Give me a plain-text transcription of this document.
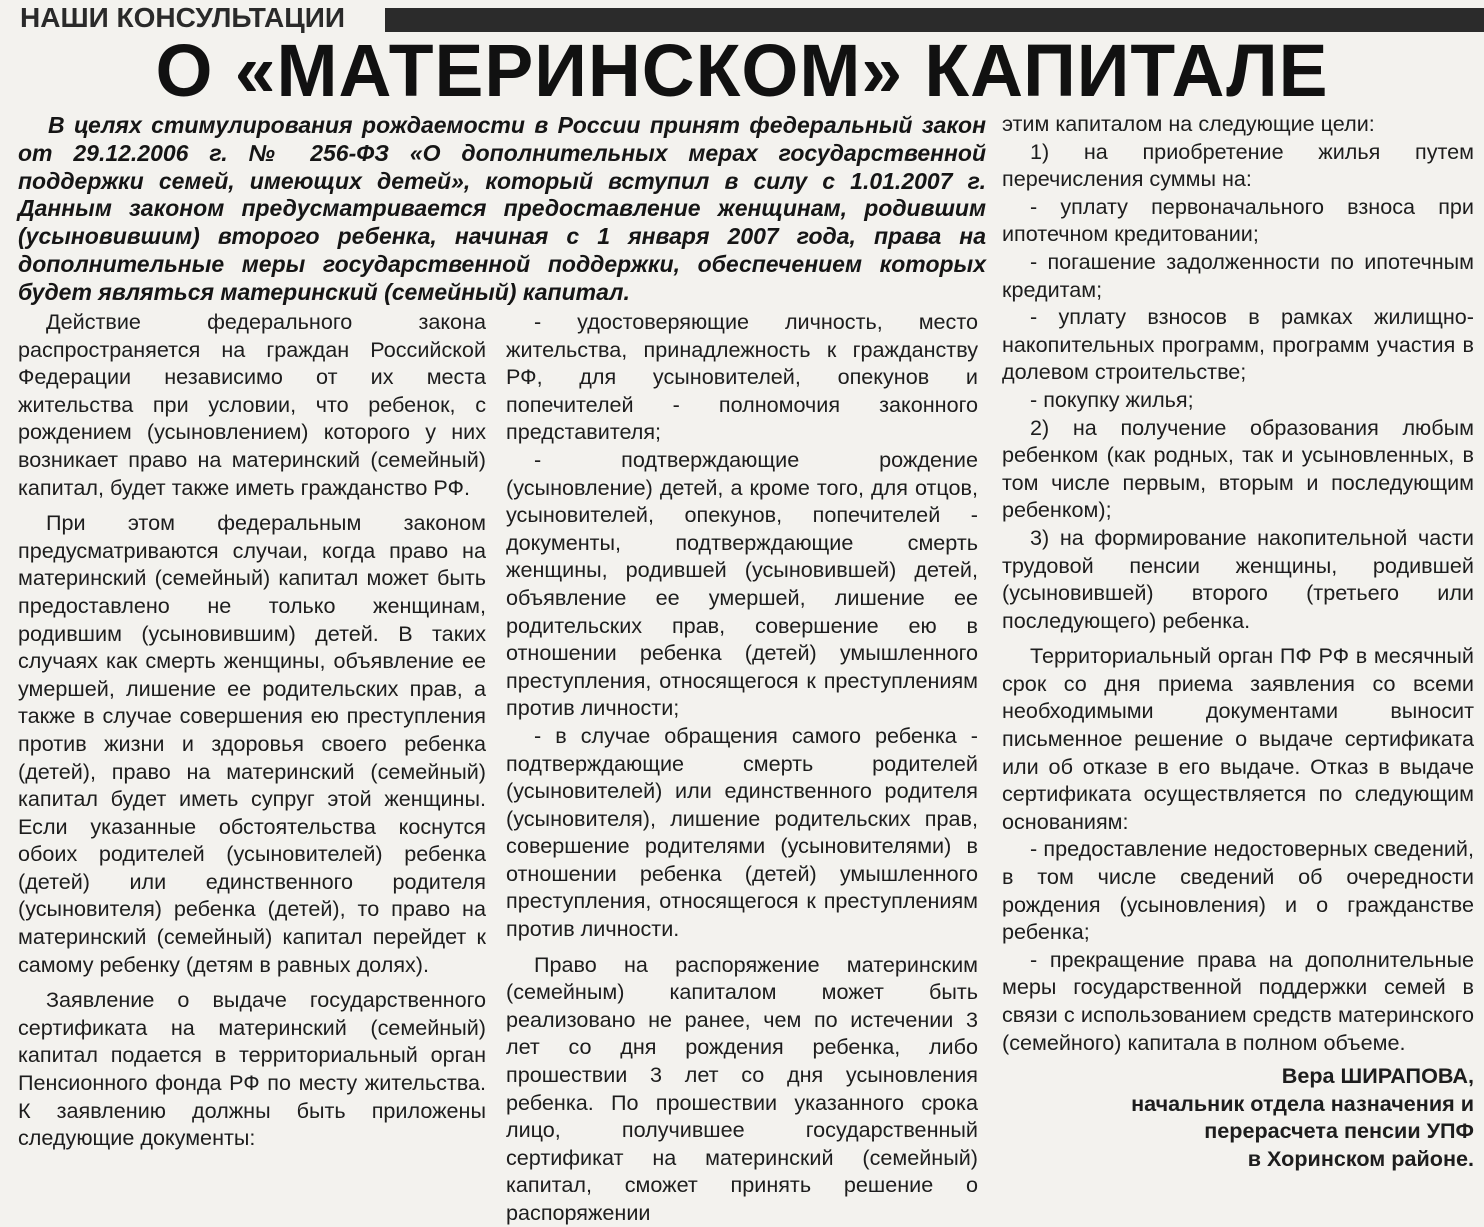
НАШИ КОНСУЛЬТАЦИИ
О «МАТЕРИНСКОМ» КАПИТАЛЕ
В целях стимулирования рождаемости в России принят федеральный закон от 29.12.2006 г. № 256-ФЗ «О дополнительных мерах государственной поддержки семей, имеющих детей», который вступил в силу с 1.01.2007 г. Данным законом предусматривается предоставление женщинам, родившим (усыновившим) второго ребенка, начиная с 1 января 2007 года, права на дополнительные меры государственной поддержки, обеспечением которых будет являться материнский (семейный) капитал.

Действие федерального закона распространяется на граждан Российской Федерации независимо от их места жительства при условии, что ребенок, с рождением (усыновлением) которого у них возникает право на материнский (семейный) капитал, будет также иметь гражданство РФ.

При этом федеральным законом предусматриваются случаи, когда право на материнский (семейный) капитал может быть предоставлено не только женщинам, родившим (усыновившим) детей. В таких случаях как смерть женщины, объявление ее умершей, лишение ее родительских прав, а также в случае совершения ею преступления против жизни и здоровья своего ребенка (детей), право на материнский (семейный) капитал будет иметь супруг этой женщины. Если указанные обстоятельства коснутся обоих родителей (усыновителей) ребенка (детей) или единственного родителя (усыновителя) ребенка (детей), то право на материнский (семейный) капитал перейдет к самому ребенку (детям в равных долях).

Заявление о выдаче государственного сертификата на материнский (семейный) капитал подается в территориальный орган Пенсионного фонда РФ по месту жительства. К заявлению должны быть приложены следующие документы:

- удостоверяющие личность, место жительства, принадлежность к гражданству РФ, для усыновителей, опекунов и попечителей - полномочия законного представителя;

- подтверждающие рождение (усыновление) детей, а кроме того, для отцов, усыновителей, опекунов, попечителей - документы, подтверждающие смерть женщины, родившей (усыновившей) детей, объявление ее умершей, лишение ее родительских прав, совершение ею в отношении ребенка (детей) умышленного преступления, относящегося к преступлениям против личности;

- в случае обращения самого ребенка - подтверждающие смерть родителей (усыновителей) или единственного родителя (усыновителя), лишение родительских прав, совершение родителями (усыновителями) в отношении ребенка (детей) умышленного преступления, относящегося к преступлениям против личности.

Право на распоряжение материнским (семейным) капиталом может быть реализовано не ранее, чем по истечении 3 лет со дня рождения ребенка, либо прошествии 3 лет со дня усыновления ребенка. По прошествии указанного срока лицо, получившее государственный сертификат на материнский (семейный) капитал, сможет принять решение о распоряжении

этим капиталом на следующие цели:

1) на приобретение жилья путем перечисления суммы на:

- уплату первоначального взноса при ипотечном кредитовании;

- погашение задолженности по ипотечным кредитам;

- уплату взносов в рамках жилищно-накопительных программ, программ участия в долевом строительстве;

- покупку жилья;

2) на получение образования любым ребенком (как родных, так и усыновленных, в том числе первым, вторым и последующим ребенком);

3) на формирование накопительной части трудовой пенсии женщины, родившей (усыновившей) второго (третьего или последующего) ребенка.

Территориальный орган ПФ РФ в месячный срок со дня приема заявления со всеми необходимыми документами выносит письменное решение о выдаче сертификата или об отказе в его выдаче. Отказ в выдаче сертификата осуществляется по следующим основаниям:

- предоставление недостоверных сведений, в том числе сведений об очередности рождения (усыновления) и о гражданстве ребенка;

- прекращение права на дополнительные меры государственной поддержки семей в связи с использованием средств материнского (семейного) капитала в полном объеме.

Вера ШИРАПОВА,
начальник отдела назначения и
перерасчета пенсии УПФ
в Хоринском районе.
